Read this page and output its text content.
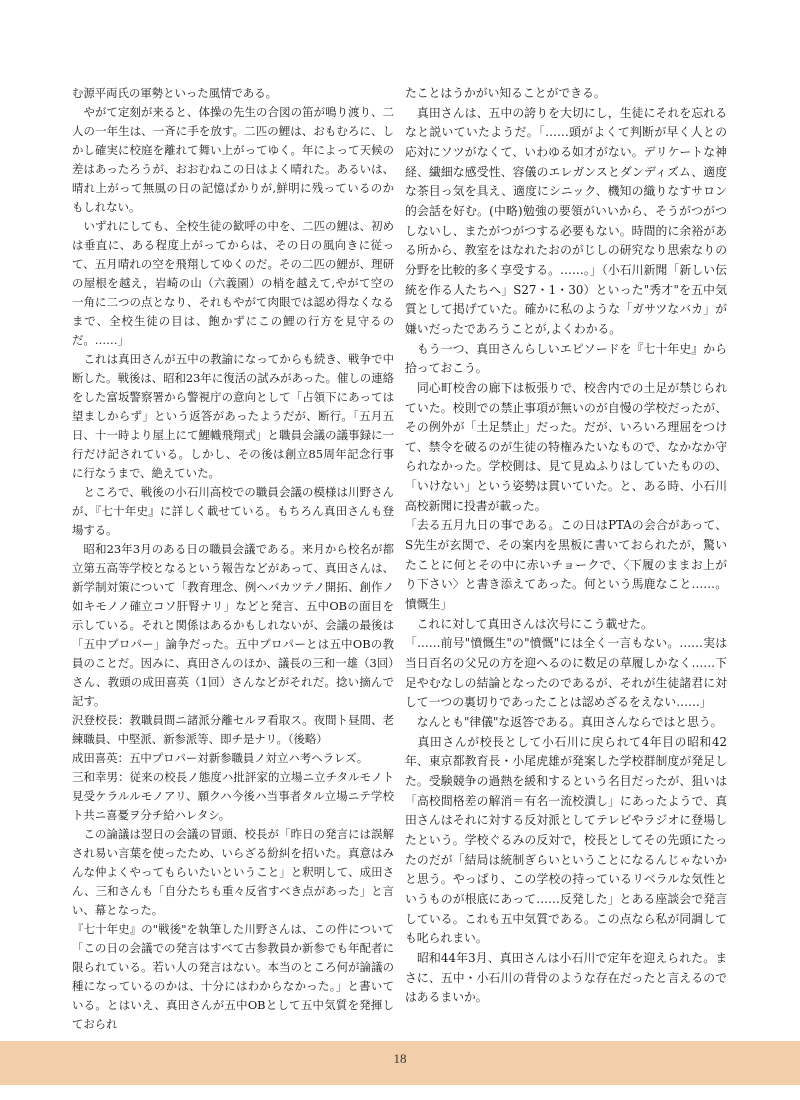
む源平両氏の軍勢といった風情である。

　やがて定刻が来ると、体操の先生の合図の笛が鳴り渡り、二人の一年生は、一斉に手を放す。二匹の鯉は、おもむろに、しかし確実に校庭を離れて舞い上がってゆく。年によって天候の差はあったろうが、おおむねこの日はよく晴れた。あるいは、晴れ上がって無風の日の記憶ばかりが,鮮明に残っているのかもしれない。

　いずれにしても、全校生徒の歓呼の中を、二匹の鯉は、初めは垂直に、ある程度上がってからは、その日の風向きに従って、五月晴れの空を飛翔してゆくのだ。その二匹の鯉が、理研の屋根を越え，岩崎の山（六義園）の梢を越えて,やがて空の一角に二つの点となり、それもやがて肉眼では認め得なくなるまで、全校生徒の目は、飽かずにこの鯉の行方を見守るのだ。……」

　これは真田さんが五中の教諭になってからも続き、戦争で中断した。戦後は、昭和23年に復活の試みがあった。催しの連絡をした富坂警察署から警視庁の意向として「占領下にあっては望ましからず」という返答があったようだが、断行。「五月五日、十一時より屋上にて鯉幟飛翔式」と職員会議の議事録に一行だけ記されている。しかし、その後は創立85周年記念行事に行なうまで、絶えていた。

　ところで、戦後の小石川高校での職員会議の模様は川野さんが、『七十年史』に詳しく載せている。もちろん真田さんも登場する。

　昭和23年3月のある日の職員会議である。来月から校名が都立第五高等学校となるという報告などがあって、真田さんは、新学制対策について「教育理念、例ヘバカツテノ開拓、創作ノ如キモノノ確立コソ肝腎ナリ」などと発言、五中OBの面目を示している。それと関係はあるかもしれないが、会議の最後は「五中プロパー」論争だった。五中プロパーとは五中OBの教員のことだ。因みに、真田さんのほか、議長の三和一雄（3回）さん、教頭の成田喜英（1回）さんなどがそれだ。捻い摘んで記す。

沢登校長：教職員間ニ諸派分離セルヲ看取ス。夜間ト昼間、老練職員、中堅派、新参派等、即チ是ナリ。（後略）

成田喜英：五中プロパー対新参職員ノ対立ハ考ヘラレズ。

三和幸男：従来の校長ノ態度ハ批評家的立場ニ立チタルモノト見受ケラルルモノアリ、願クハ今後ハ当事者タル立場ニテ学校ト共ニ喜憂ヲ分チ給ハレタシ。

　この論議は翌日の会議の冒頭、校長が「昨日の発言には誤解され易い言葉を使ったため、いらざる紛糾を招いた。真意はみんな仲よくやってもらいたいということ」と釈明して、成田さん、三和さんも「自分たちも重々反省すべき点があった」と言い、幕となった。

『七十年史』の"戦後"を執筆した川野さんは、この件について「この日の会議での発言はすべて古参教員か新参でも年配者に限られている。若い人の発言はない。本当のところ何が論議の種になっているのかは、十分にはわからなかった。」と書いている。とはいえ、真田さんが五中OBとして五中気質を発揮しておられ

たことはうかがい知ることができる。

　真田さんは、五中の誇りを大切にし，生徒にそれを忘れるなと説いていたようだ。「……頭がよくて判断が早く人との応対にソツがなくて、いわゆる如才がない。デリケートな神経、繊細な感受性、容儀のエレガンスとダンディズム、適度な茶目っ気を具え、適度にシニック、機知の織りなすサロン的会話を好む。(中略)勉強の要領がいいから、そうがつがつしないし、またがつがつする必要もない。時間的に余裕がある所から、教室をはなれたおのがじしの研究なり思索なりの分野を比較的多く享受する。……。」（小石川新聞「新しい伝統を作る人たちへ」S27・1・30）といった"秀才"を五中気質として掲げていた。確かに私のような「ガサツなバカ」が嫌いだったであろうことが,よくわかる。

　もう一つ、真田さんらしいエピソードを『七十年史』から拾っておこう。

　同心町校舎の廊下は板張りで、校舎内での土足が禁じられていた。校則での禁止事項が無いのが自慢の学校だったが、その例外が「土足禁止」だった。だが、いろいろ理屈をつけて、禁令を破るのが生徒の特権みたいなもので、なかなか守られなかった。学校側は、見て見ぬふりはしていたものの、「いけない」という姿勢は貫いていた。と、ある時、小石川高校新聞に投書が載った。

「去る五月九日の事である。この日はPTAの会合があって、S先生が玄関で、その案内を黒板に書いておられたが，驚いたことに何とその中に赤いチョークで、〈下履のままお上がり下さい〉と書き添えてあった。何という馬鹿なこと……。憤慨生」

　これに対して真田さんは次号にこう載せた。

「……前号"憤慨生"の"憤慨"には全く一言もない。……実は当日百名の父兄の方を迎へるのに数足の草履しかなく……下足やむなしの結論となったのであるが、それが生徒諸君に対して一つの裏切りであったことは認めざるをえない……」

　なんとも"律儀"な返答である。真田さんならではと思う。

　真田さんが校長として小石川に戻られて4年目の昭和42年、東京都教育長・小尾虎雄が発案した学校群制度が発足した。受験競争の過熱を緩和するという名目だったが、狙いは「高校間格差の解消＝有名一流校潰し」にあったようで、真田さんはそれに対する反対派としてテレビやラジオに登場したという。学校ぐるみの反対で，校長としてその先頭にたったのだが「結局は統制ぎらいということになるんじゃないかと思う。やっぱり、この学校の持っているリベラルな気性というものが根底にあって……反発した」とある座談会で発言している。これも五中気質である。この点なら私が同調しても叱られまい。

　昭和44年3月、真田さんは小石川で定年を迎えられた。まさに、五中・小石川の背骨のような存在だったと言えるのではあるまいか。

18
